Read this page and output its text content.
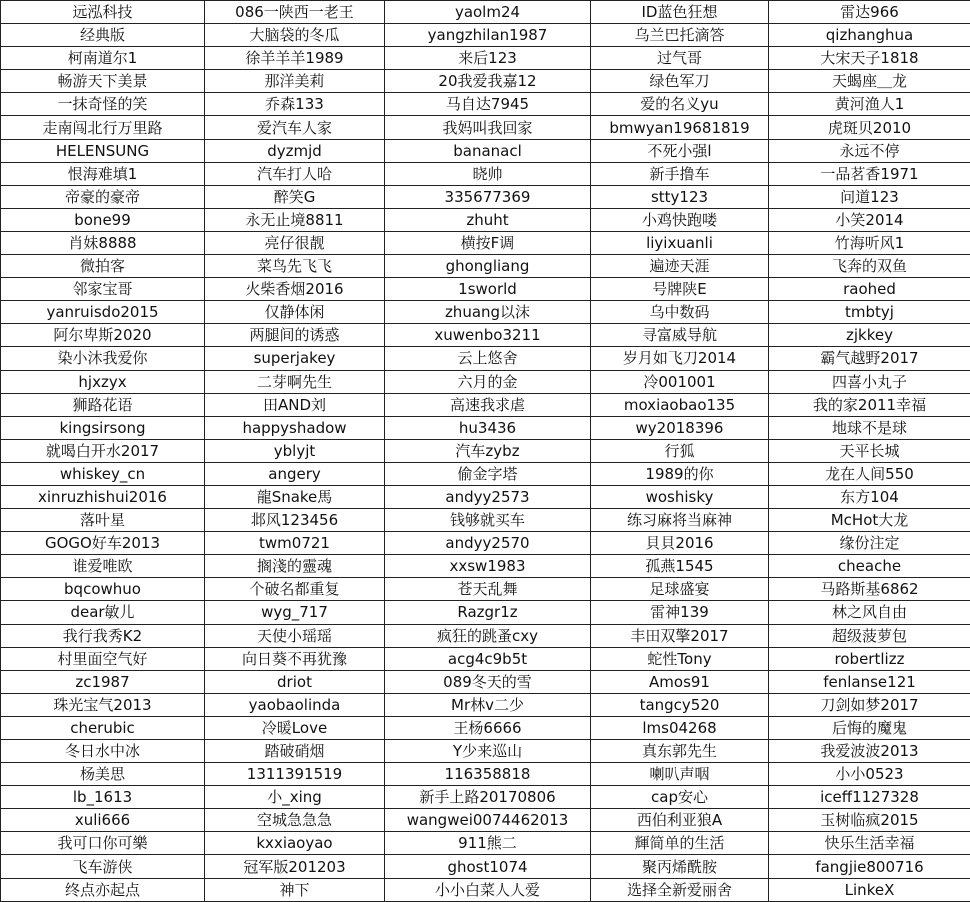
远泓科技	086一陕西一老王	yaolm24	ID蓝色狂想	雷达966
经典版	大脑袋的冬瓜	yangzhilan1987	乌兰巴托滴答	qizhanghua
柯南道尔1	徐羊羊羊1989	来后123	过气哥	大宋天子1818
畅游天下美景	那洋美莉	20我爱我嘉12	绿色军刀	天蝎座＿龙
一抹奇怪的笑	乔森133	马自达7945	爱的名义yu	黄河渔人1
走南闯北行万里路	爱汽车人家	我妈叫我回家	bmwyan19681819	虎斑贝2010
HELENSUNG	dyzmjd	bananacl	不死小强l	永远不停
恨海难填1	汽车打人哈	晓帅	新手撸车	一品茗香1971
帝豪的豪帝	醉笑G	335677369	stty123	问道123
bone99	永无止境8811	zhuht	小鸡快跑喽	小笑2014
肖妹8888	亮仔很靓	横按F调	liyixuanli	竹海听风1
微拍客	菜鸟先飞飞	ghongliang	遍迹天涯	飞奔的双鱼
邻家宝哥	火柴香烟2016	1sworld	号牌陕E	raohed
yanruisdo2015	仅静体闲	zhuang以沫	乌中数码	tmbtyj
阿尔卑斯2020	两腿间的诱惑	xuwenbo3211	寻富威导航	zjkkey
染小沐我爱你	superjakey	云上悠舍	岁月如飞刀2014	霸气越野2017
hjxzyx	二芽啊先生	六月的金	冷001001	四喜小丸子
狮路花语	田AND刘	高速我求虐	moxiaobao135	我的家2011幸福
kingsirsong	happyshadow	hu3436	wy2018396	地球不是球
就喝白开水2017	yblyjt	汽车zybz	行狐	天平长城
whiskey_cn	angery	偷金字塔	1989的你	龙在人间550
xinruzhishui2016	龍Snake馬	andyy2573	woshisky	东方104
落叶星	邶风123456	钱够就买车	练习麻将当麻神	McHot大龙
GOGO好车2013	twm0721	andyy2570	貝貝2016	缘份注定
谁爱唯欧	搁淺的靈魂	xxsw1983	孤燕1545	cheache
bqcowhuo	个破名都重复	苍天乱舞	足球盛宴	马路斯基6862
dear敏儿	wyg_717	Razgr1z	雷神139	林之风自由
我行我秀K2	天使小瑶瑶	疯狂的跳蚤cxy	丰田双擎2017	超级菠萝包
村里面空气好	向日葵不再犹豫	acg4c9b5t	蛇性Tony	robertlizz
zc1987	driot	089冬天的雪	Amos91	fenlanse121
珠光宝气2013	yaobaolinda	Mr林v二少	tangcy520	刀剑如梦2017
cherubic	冷暖Love	王杨6666	lms04268	后悔的魔鬼
冬日水中冰	踏破硝烟	Y少来巡山	真东郭先生	我爱波波2013
杨美思	1311391519	116358818	喇叭声咽	小小0523
lb_1613	小_xing	新手上路20170806	cap安心	iceff1127328
xuli666	空城急急急	wangwei0074462013	西伯利亚狼A	玉树临疯2015
我可口你可樂	kxxiaoyao	911熊二	輝简单的生活	快乐生活幸福
飞车游侠	冠军版201203	ghost1074	聚丙烯酰胺	fangjie800716
终点亦起点	神下	小小白菜人人爱	选择全新爱丽舍	LinkeX
